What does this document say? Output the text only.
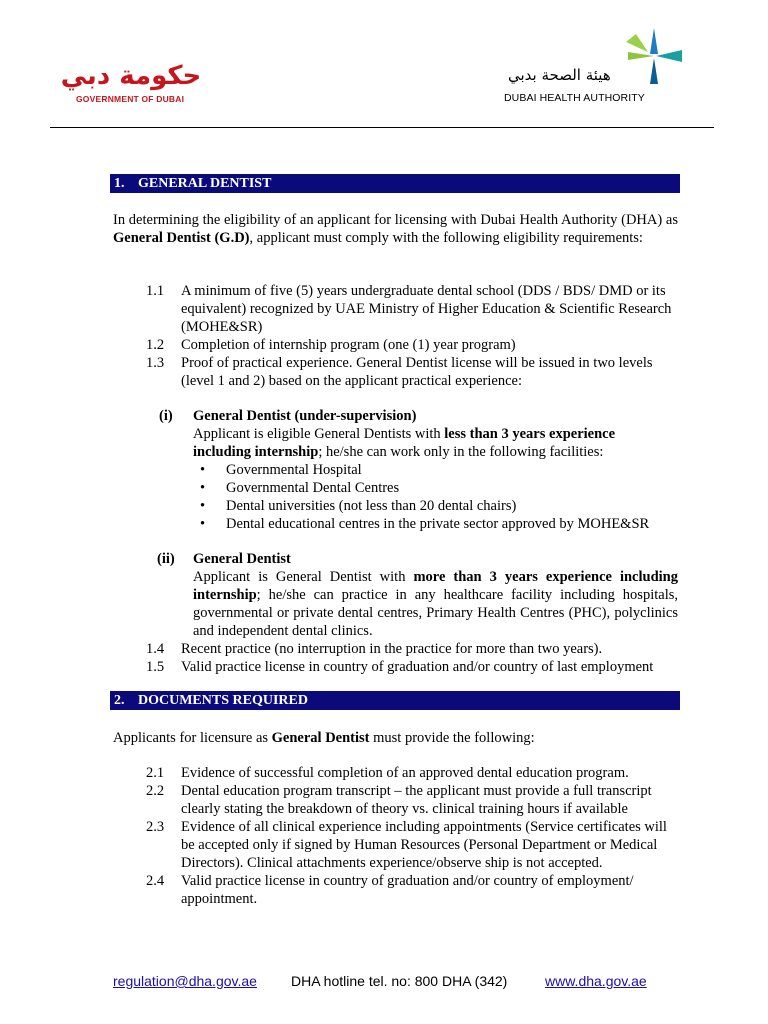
حكومة دبي
GOVERNMENT OF DUBAI
هيئة الصحة بدبي
DUBAI HEALTH AUTHORITY
1. GENERAL DENTIST
In determining the eligibility of an applicant for licensing with Dubai Health Authority (DHA) as General Dentist (G.D), applicant must comply with the following eligibility requirements:
1.1 A minimum of five (5) years undergraduate dental school (DDS / BDS/ DMD or its equivalent) recognized by UAE Ministry of Higher Education & Scientific Research (MOHE&SR)
1.2 Completion of internship program (one (1) year program)
1.3 Proof of practical experience. General Dentist license will be issued in two levels (level 1 and 2) based on the applicant practical experience:
(i) General Dentist (under-supervision)
Applicant is eligible General Dentists with less than 3 years experience including internship; he/she can work only in the following facilities:
• Governmental Hospital
• Governmental Dental Centres
• Dental universities (not less than 20 dental chairs)
• Dental educational centres in the private sector approved by MOHE&SR
(ii) General Dentist
Applicant is General Dentist with more than 3 years experience including internship; he/she can practice in any healthcare facility including hospitals, governmental or private dental centres, Primary Health Centres (PHC), polyclinics and independent dental clinics.
1.4 Recent practice (no interruption in the practice for more than two years).
1.5 Valid practice license in country of graduation and/or country of last employment
2. DOCUMENTS REQUIRED
Applicants for licensure as General Dentist must provide the following:
2.1 Evidence of successful completion of an approved dental education program.
2.2 Dental education program transcript – the applicant must provide a full transcript clearly stating the breakdown of theory vs. clinical training hours if available
2.3 Evidence of all clinical experience including appointments (Service certificates will be accepted only if signed by Human Resources (Personal Department or Medical Directors). Clinical attachments experience/observe ship is not accepted.
2.4 Valid practice license in country of graduation and/or country of employment/ appointment.
regulation@dha.gov.ae DHA hotline tel. no: 800 DHA (342)	www.dha.gov.ae
